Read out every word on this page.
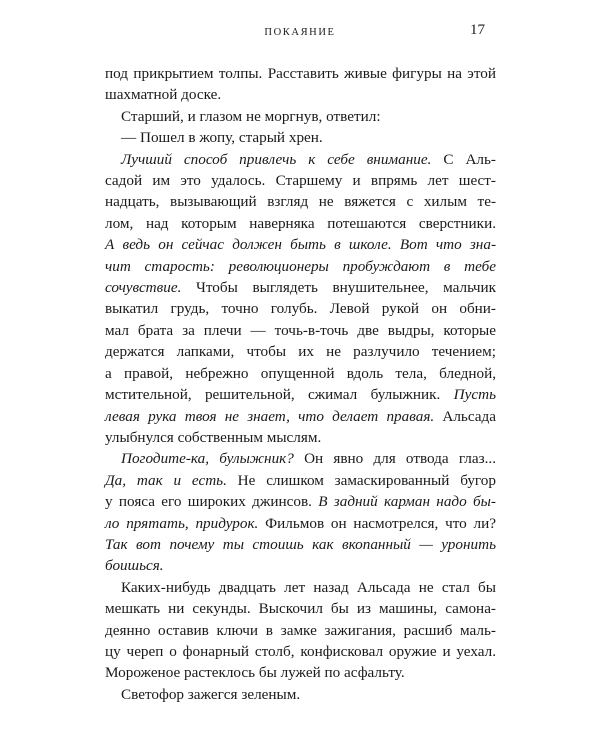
ПОКАЯНИЕ	17
под прикрытием толпы. Расставить живые фигуры на этой
шахматной доске.
Старший, и глазом не моргнув, ответил:
— Пошел в жопу, старый хрен.
Лучший способ привлечь к себе внимание. С Аль-
садой им это удалось. Старшему и впрямь лет шест-
надцать, вызывающий взгляд не вяжется с хилым те-
лом, над которым наверняка потешаются сверстники.
А ведь он сейчас должен быть в школе. Вот что зна-
чит старость: революционеры пробуждают в тебе
сочувствие. Чтобы выглядеть внушительнее, мальчик
выкатил грудь, точно голубь. Левой рукой он обни-
мал брата за плечи — точь-в-точь две выдры, которые
держатся лапками, чтобы их не разлучило течением;
а правой, небрежно опущенной вдоль тела, бледной,
мстительной, решительной, сжимал булыжник. Пусть
левая рука твоя не знает, что делает правая. Альсада
улыбнулся собственным мыслям.
Погодите-ка, булыжник? Он явно для отвода глаз...
Да, так и есть. Не слишком замаскированный бугор
у пояса его широких джинсов. В задний карман надо бы-
ло прятать, придурок. Фильмов он насмотрелся, что ли?
Так вот почему ты стоишь как вкопанный — уронить
боишься.
Каких-нибудь двадцать лет назад Альсада не стал бы
мешкать ни секунды. Выскочил бы из машины, самона-
деянно оставив ключи в замке зажигания, расшиб маль-
цу череп о фонарный столб, конфисковал оружие и уехал.
Мороженое растеклось бы лужей по асфальту.
Светофор зажегся зеленым.
